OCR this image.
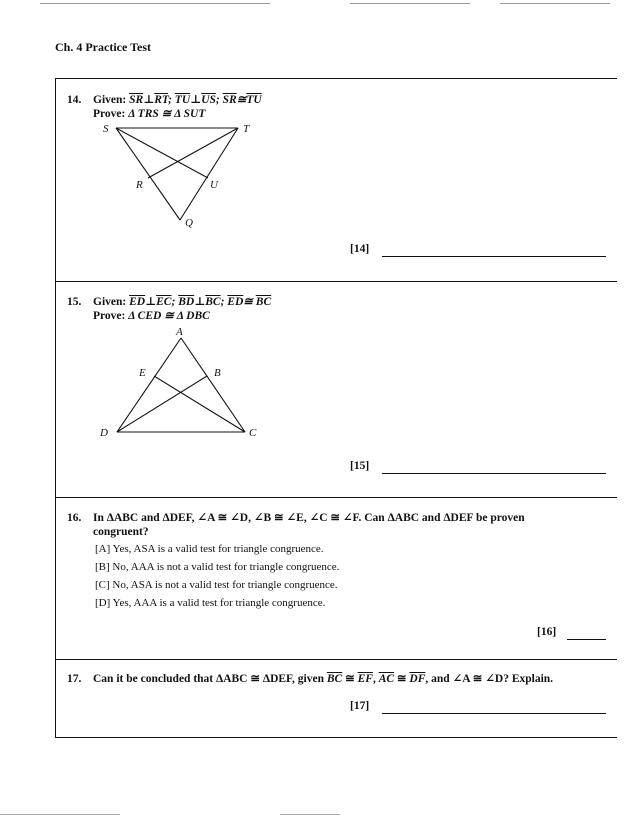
Ch. 4 Practice Test
14. Given: $\overline{SR}\perp\overline{RT}$; $\overline{TU}\perp\overline{US}$; $\overline{SR}≅\overline{TU}$
Prove: Δ TRS ≅ Δ SUT
S	T
R	U
Q
[14]
15. Given: $\overline{ED}\perp\overline{EC}$; $\overline{BD}\perp\overline{BC}$; $\overline{ED}≅$ $\overline{BC}$
Prove: Δ CED ≅ Δ DBC
A
E	B
D	C
[15]
16. In ΔABC and ΔDEF, ∠A ≅ ∠D, ∠B ≅ ∠E, ∠C ≅ ∠F. Can ΔABC and ΔDEF be proven
congruent?
[A] Yes, ASA is a valid test for triangle congruence.
[B] No, AAA is not a valid test for triangle congruence.
[C] No, ASA is not a valid test for triangle congruence.
[D] Yes, AAA is a valid test for triangle congruence.
[16]
17. Can it be concluded that ΔABC ≅ ΔDEF, given $\overline{BC}$ ≅ $\overline{EF}$, $\overline{AC}$ ≅ $\overline{DF}$, and ∠A ≅ ∠D? Explain.
[17]
